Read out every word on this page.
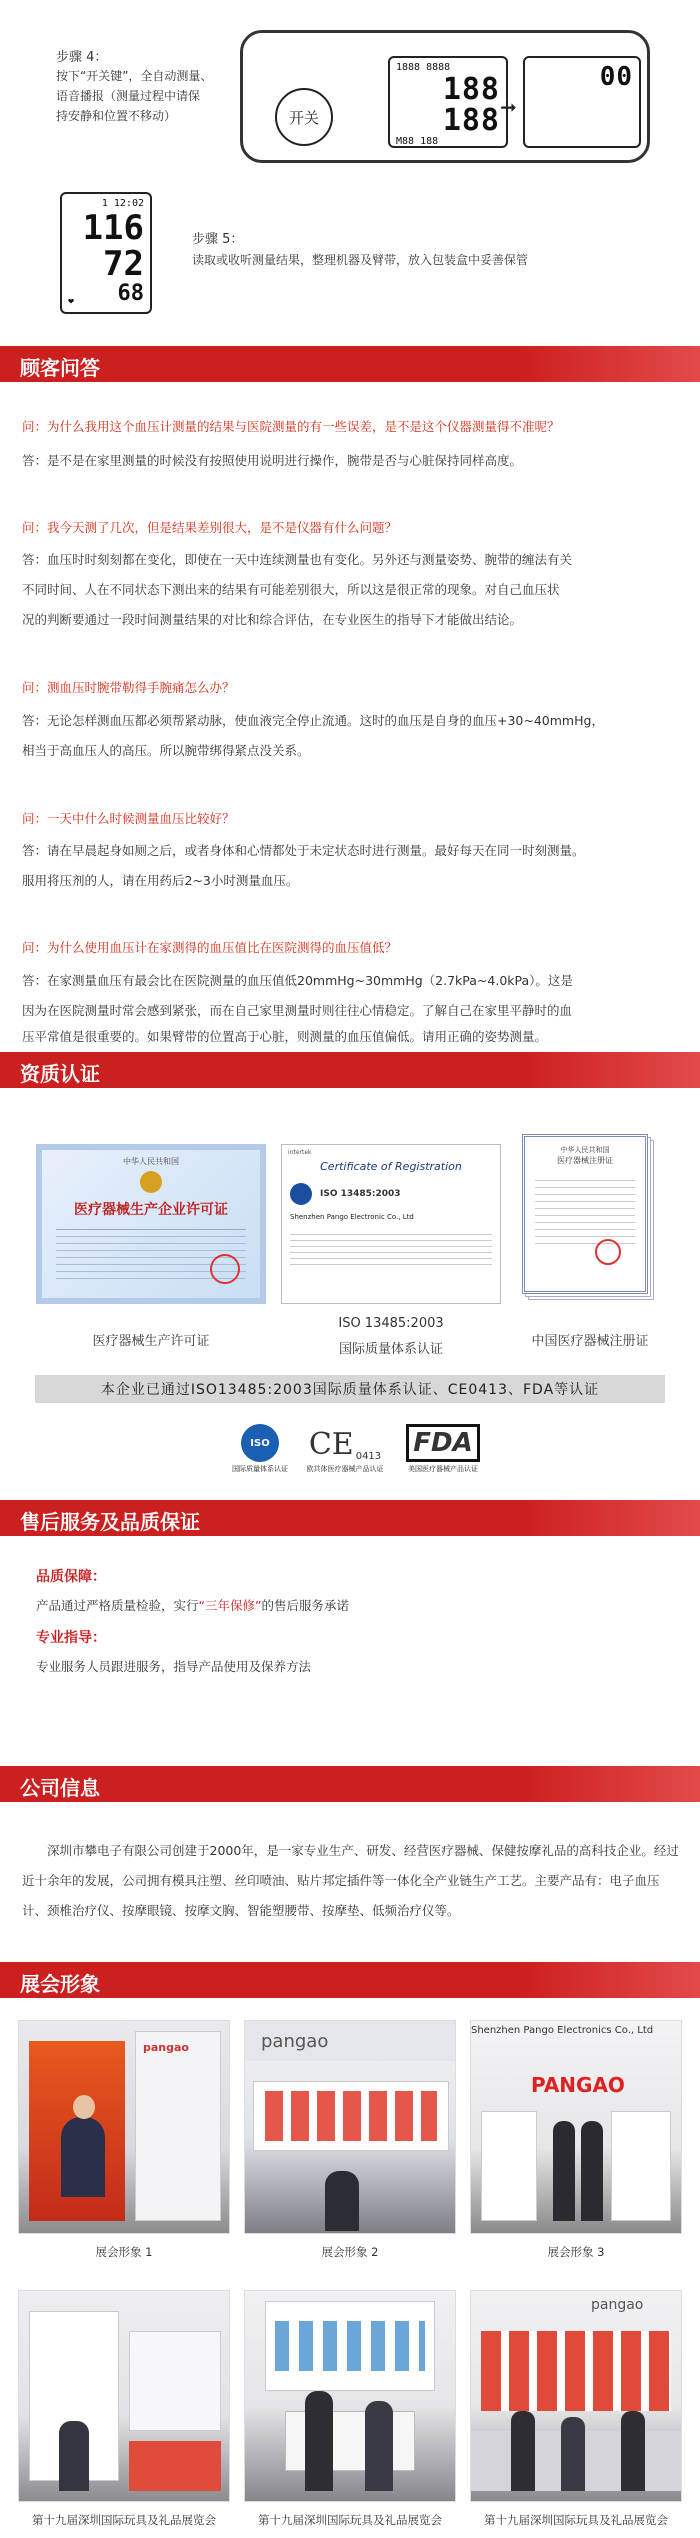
步骤 4：
按下“开关键”，全自动测量、
语音播报（测量过程中请保
持安静和位置不移动）	开关
1888 8888
188
188
M88 188
➞
00
1 12:02
116
72
❤ 68
步骤 5：
读取或收听测量结果，整理机器及臂带，放入包装盒中妥善保管
顾客问答
问：为什么我用这个血压计测量的结果与医院测量的有一些误差，是不是这个仪器测量得不准呢？
答：是不是在家里测量的时候没有按照使用说明进行操作，腕带是否与心脏保持同样高度。
问：我今天测了几次，但是结果差别很大，是不是仪器有什么问题？
答：血压时时刻刻都在变化，即使在一天中连续测量也有变化。另外还与测量姿势、腕带的缠法有关
不同时间、人在不同状态下测出来的结果有可能差别很大，所以这是很正常的现象。对自己血压状
况的判断要通过一段时间测量结果的对比和综合评估，在专业医生的指导下才能做出结论。
问：测血压时腕带勒得手腕痛怎么办？
答：无论怎样测血压都必须帮紧动脉，使血液完全停止流通。这时的血压是自身的血压+30~40mmHg，
相当于高血压人的高压。所以腕带绑得紧点没关系。
问：一天中什么时候测量血压比较好？
答：请在早晨起身如厕之后，或者身体和心情都处于未定状态时进行测量。最好每天在同一时刻测量。
服用将压剂的人，请在用药后2~3小时测量血压。
问：为什么使用血压计在家测得的血压值比在医院测得的血压值低？
答：在家测量血压有最会比在医院测量的血压值低20mmHg~30mmHg（2.7kPa~4.0kPa）。这是
因为在医院测量时常会感到紧张，而在自己家里测量时则往往心情稳定。了解自己在家里平静时的血
压平常值是很重要的。如果臂带的位置高于心脏，则测量的血压值偏低。请用正确的姿势测量。
资质认证
中华人民共和国
医疗器械生产企业许可证
intertek
Certificate of Registration
ISO 13485:2003
Shenzhen Pango Electronic Co., Ltd
中华人民共和国
医疗器械注册证
医疗器械生产许可证
ISO 13485:2003
国际质量体系认证
中国医疗器械注册证
本企业已通过ISO13485:2003国际质量体系认证、CE0413、FDA等认证
ISO
国际质量体系认证
CE 0413
欧共体医疗器械产品认证
FDA
美国医疗器械产品认证
售后服务及品质保证
品质保障：
产品通过严格质量检验，实行“三年保修”的售后服务承诺
专业指导：
专业服务人员跟进服务，指导产品使用及保养方法
公司信息
深圳市攀电子有限公司创建于2000年，是一家专业生产、研发、经营医疗器械、保健按摩礼品的高科技企业。经过近十余年的发展，公司拥有模具注塑、丝印喷油、贴片邦定插件等一体化全产业链生产工艺。主要产品有：电子血压计、颈椎治疗仪、按摩眼镜、按摩文胸、智能塑腰带、按摩垫、低频治疗仪等。
展会形象
pangao	pangao
Shenzhen Pango Electronics Co., Ltd
PANGAO
展会形象 1	展会形象 2	展会形象 3
pangao
第十九届深圳国际玩具及礼品展览会	第十九届深圳国际玩具及礼品展览会	第十九届深圳国际玩具及礼品展览会
